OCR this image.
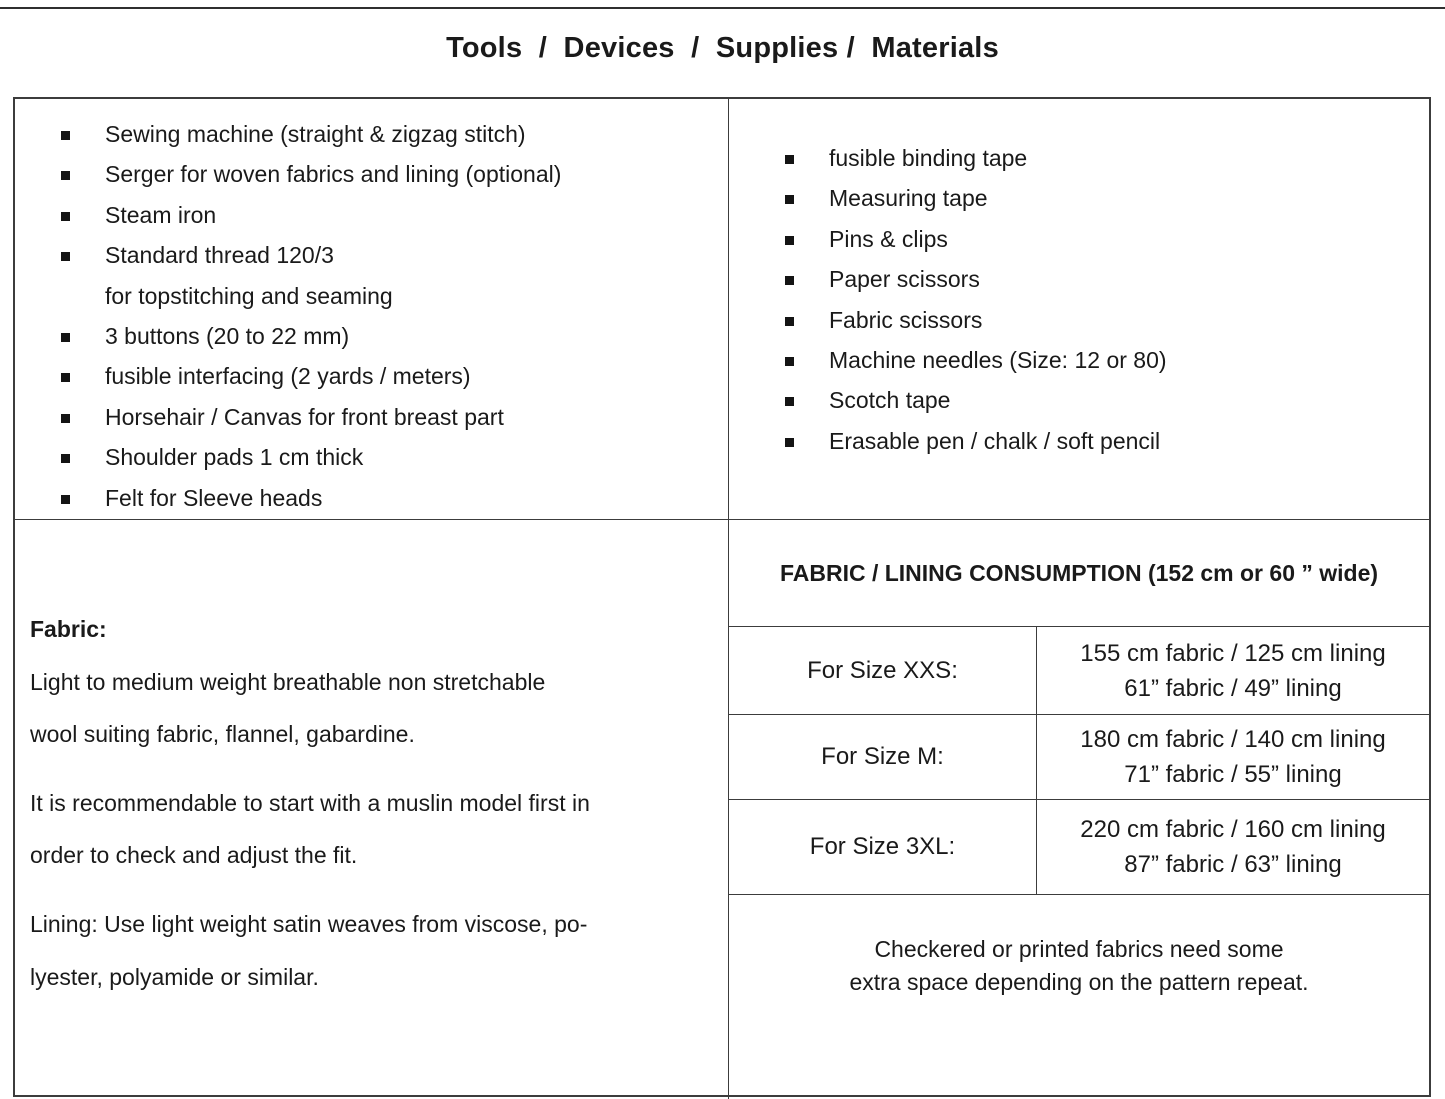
Tools  /  Devices  /  Supplies /  Materials
Sewing machine (straight & zigzag stitch)
Serger for woven fabrics and lining (optional)
Steam iron
Standard thread 120/3
for topstitching and seaming
3 buttons (20 to 22 mm)
fusible interfacing (2 yards / meters)
Horsehair / Canvas for front breast part
Shoulder pads 1 cm thick
Felt for Sleeve heads
fusible binding tape
Measuring tape
Pins & clips
Paper scissors
Fabric scissors
Machine needles (Size: 12 or 80)
Scotch tape
Erasable pen / chalk / soft pencil
Fabric:
Light to medium weight breathable non stretchable
wool suiting fabric, flannel, gabardine.
It is recommendable to start with a muslin model first in
order to check and adjust the fit.
Lining: Use light weight satin weaves from viscose, po-
lyester, polyamide or similar.
FABRIC / LINING CONSUMPTION (152 cm or 60 ” wide)
For Size XXS:
155 cm fabric / 125 cm lining
61” fabric / 49” lining
For Size M:
180 cm fabric / 140 cm lining
71” fabric / 55” lining
For Size 3XL:
220 cm fabric / 160 cm lining
87” fabric / 63” lining
Checkered or printed fabrics need some
extra space depending on the pattern repeat.
